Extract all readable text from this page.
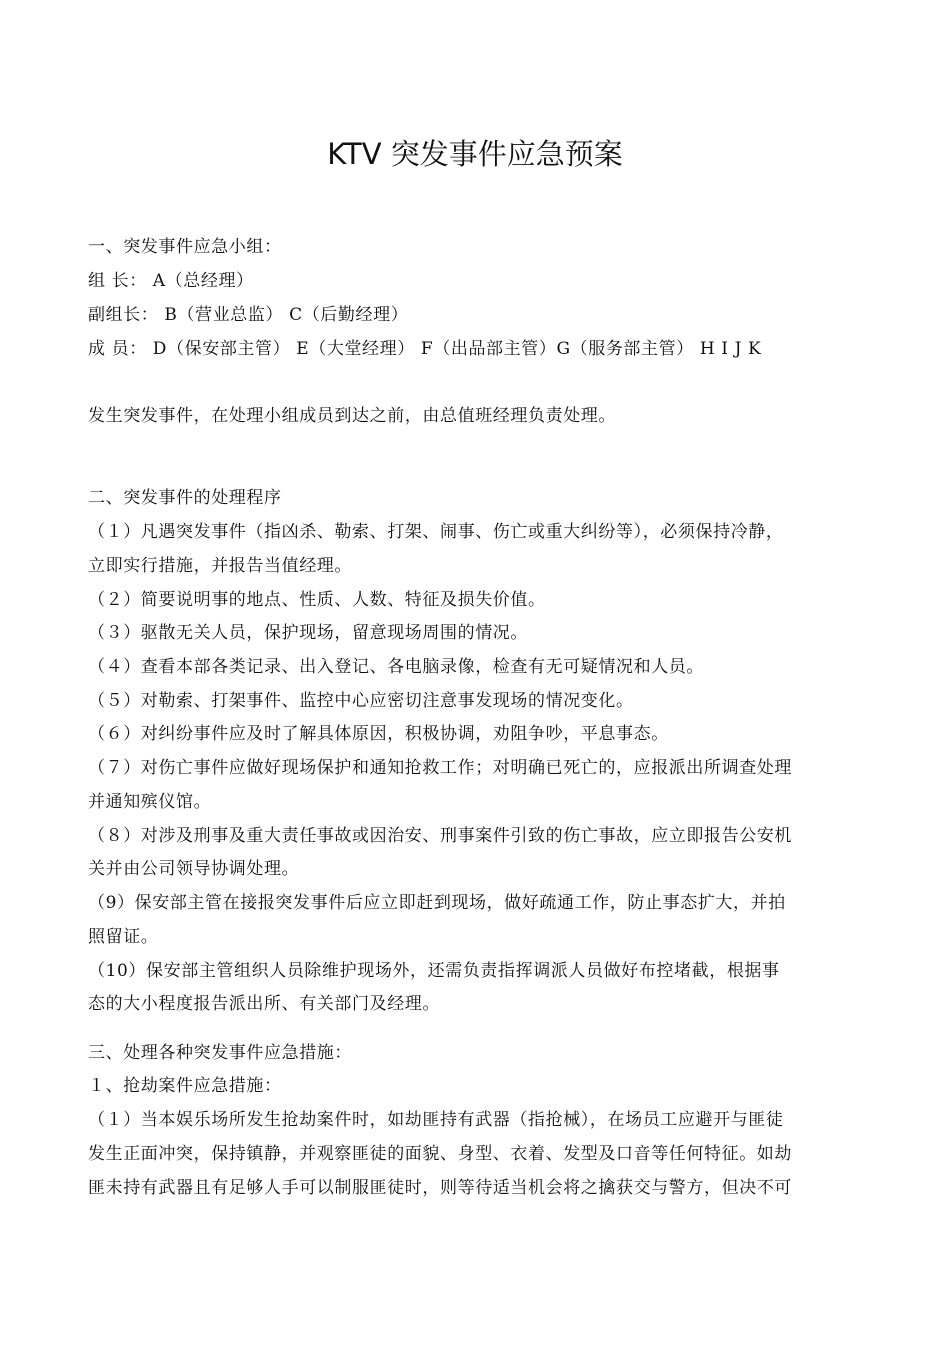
KTV 突发事件应急预案
一、突发事件应急小组：
组 长： A（总经理）
副组长： B（营业总监） C（后勤经理）
成 员： D（保安部主管） E（大堂经理） F（出品部主管）G（服务部主管） H I J K
发生突发事件，在处理小组成员到达之前，由总值班经理负责处理。
二、突发事件的处理程序
（１）凡遇突发事件（指凶杀、勒索、打架、闹事、伤亡或重大纠纷等），必须保持冷静，
立即实行措施，并报告当值经理。
（２）简要说明事的地点、性质、人数、特征及损失价值。
（３）驱散无关人员，保护现场，留意现场周围的情况。
（４）查看本部各类记录、出入登记、各电脑录像，检查有无可疑情况和人员。
（５）对勒索、打架事件、监控中心应密切注意事发现场的情况变化。
（６）对纠纷事件应及时了解具体原因，积极协调，劝阻争吵，平息事态。
（７）对伤亡事件应做好现场保护和通知抢救工作；对明确已死亡的，应报派出所调查处理
并通知殡仪馆。
（８）对涉及刑事及重大责任事故或因治安、刑事案件引致的伤亡事故，应立即报告公安机
关并由公司领导协调处理。
（9）保安部主管在接报突发事件后应立即赶到现场，做好疏通工作，防止事态扩大，并拍
照留证。
（10）保安部主管组织人员除维护现场外，还需负责指挥调派人员做好布控堵截，根据事
态的大小程度报告派出所、有关部门及经理。
三、处理各种突发事件应急措施：
１、抢劫案件应急措施：
（１）当本娱乐场所发生抢劫案件时，如劫匪持有武器（指抢械），在场员工应避开与匪徒
发生正面冲突，保持镇静，并观察匪徒的面貌、身型、衣着、发型及口音等任何特征。如劫
匪未持有武器且有足够人手可以制服匪徒时，则等待适当机会将之擒获交与警方，但决不可
